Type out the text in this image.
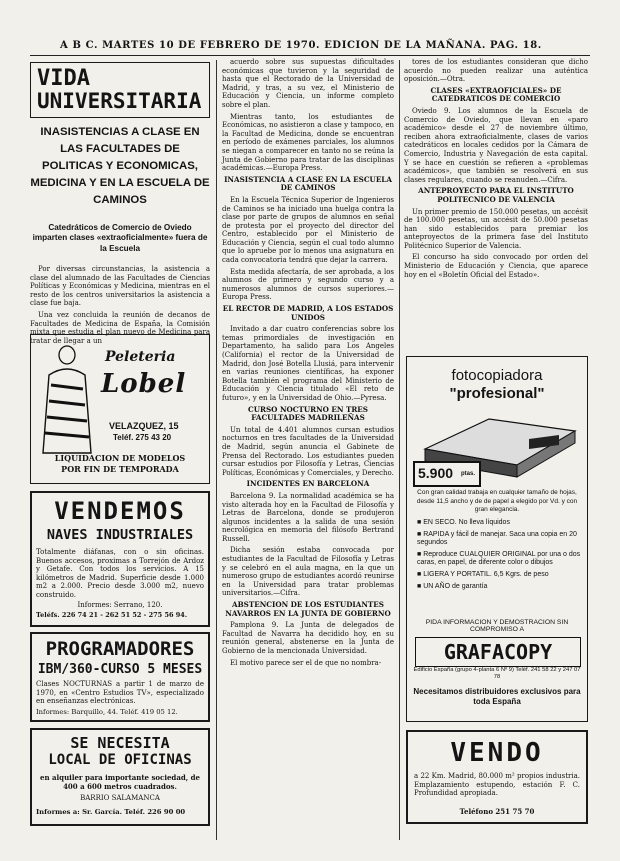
A B C. MARTES 10 DE FEBRERO DE 1970. EDICION DE LA MAÑANA. PAG. 18.
VIDA
UNIVERSITARIA
INASISTENCIAS A CLASE EN LAS FACULTADES DE POLITICAS Y ECONOMICAS, MEDICINA Y EN LA ESCUELA DE CAMINOS
Catedráticos de Comercio de Oviedo imparten clases «extraoficialmente» fuera de la Escuela

Por diversas circunstancias, la asistencia a clase del alumnado de las Facultades de Ciencias Políticas y Económicas y Medicina, mientras en el resto de los centros universitarios la asistencia a clase fue baja.

Una vez concluida la reunión de decanos de Facultades de Medicina de España, la Comisión mixta que estudia el plan nuevo de Medicina para tratar de llegar a un

Peleteria
Lobel
VELAZQUEZ, 15
Teléf. 275 43 20
LIQUIDACION DE MODELOS
POR FIN DE TEMPORADA
VENDEMOS
NAVES INDUSTRIALES
Totalmente diáfanas, con o sin oficinas. Buenos accesos, proximas a Torrejón de Ardoz y Getafe. Con todos los servicios. A 15 kilómetros de Madrid. Superficie desde 1.000 m2 a 2.000. Precio desde 3.000 m2, nuevo construido.
Informes: Serrano, 120.
Teléfs. 226 74 21 - 262 51 52 - 275 56 94.
PROGRAMADORES
IBM/360-CURSO 5 MESES
Clases NOCTURNAS a partir 1 de marzo de 1970, en «Centro Estudios TV», especializado en enseñanzas electrónicas.
Informes: Barquillo, 44. Teléf. 419 05 12.
SE NECESITA
LOCAL DE OFICINAS
en alquiler para importante sociedad, de 400 a 600 metros cuadrados.
BARRIO SALAMANCA
Informes a: Sr. García. Teléf. 226 90 00

acuerdo sobre sus supuestas dificultades económicas que tuvieron y la seguridad de hasta que el Rectorado de la Universidad de Madrid, y tras, a su vez, el Ministerio de Educación y Ciencia, un informe completo sobre el plan.

Mientras tanto, los estudiantes de Económicas, no asistieron a clase y tampoco, en la Facultad de Medicina, donde se encuentran en período de exámenes parciales, los alumnos se niegan a comparecer en tanto no se reúna la Junta de Gobierno para tratar de las disciplinas académicas.—Europa Press.

INASISTENCIA A CLASE EN LA ESCUELA DE CAMINOS

En la Escuela Técnica Superior de Ingenieros de Caminos se ha iniciado una huelga contra la clase por parte de grupos de alumnos en señal de protesta por el proyecto del director del Centro, establecido por el Ministerio de Educación y Ciencia, según el cual todo alumno que lo apruebe por lo menos una asignatura en cada convocatoria tendrá que dejar la carrera.

Esta medida afectaría, de ser aprobada, a los alumnos de primero y segundo curso y a numerosos alumnos de cursos superiores.—Europa Press.

EL RECTOR DE MADRID, A LOS ESTADOS UNIDOS

Invitado a dar cuatro conferencias sobre los temas primordiales de investigación en Departamento, ha salido para Los Angeles (California) el rector de la Universidad de Madrid, don José Botella Llusiá, para intervenir en varias reuniones científicas, ha exponer Botella también el programa del Ministerio de Educación y Ciencia titulado «El reto de futuro», y en la Universidad de Ohio.—Pyresa.

CURSO NOCTURNO EN TRES FACULTADES MADRILEÑAS

Un total de 4.401 alumnos cursan estudios nocturnos en tres facultades de la Universidad de Madrid, según anuncia el Gabinete de Prensa del Rectorado. Los estudiantes pueden cursar estudios por Filosofía y Letras, Ciencias Políticas, Económicas y Comerciales, y Derecho.

INCIDENTES EN BARCELONA

Barcelona 9. La normalidad académica se ha visto alterada hoy en la Facultad de Filosofía y Letras de Barcelona, donde se produjeron algunos incidentes a la salida de una sesión necrológica en memoria del filósofo Bertrand Russell.

Dicha sesión estaba convocada por estudiantes de la Facultad de Filosofía y Letras y se celebró en el aula magna, en la que un numeroso grupo de estudiantes acordó reunirse en la Universidad para tratar problemas universitarios.—Cifra.

ABSTENCION DE LOS ESTUDIANTES NAVARROS EN LA JUNTA DE GOBIERNO

Pamplona 9. La Junta de delegados de Facultad de Navarra ha decidido hoy, en su reunión general, abstenerse en la Junta de Gobierno de la mencionada Universidad.

El motivo parece ser el de que no nombra-

tores de los estudiantes consideran que dicho acuerdo no pueden realizar una auténtica oposición.—Otra.

CLASES «EXTRAOFICIALES» DE CATEDRATICOS DE COMERCIO

Oviedo 9. Los alumnos de la Escuela de Comercio de Oviedo, que llevan en «paro académico» desde el 27 de noviembre último, reciben ahora extraoficialmente, clases de varios catedráticos en locales cedidos por la Cámara de Comercio, Industria y Navegación de esta capital. Y se hace en cuestión se refieren a «problemas académicos», que también se resolverá en sus clases regulares, cuando se reanuden.—Cifra.

ANTEPROYECTO PARA EL INSTITUTO POLITECNICO DE VALENCIA

Un primer premio de 150.000 pesetas, un accésit de 100.000 pesetas, un accésit de 50.000 pesetas han sido establecidos para premiar los anteproyectos de la primera fase del Instituto Politécnico Superior de Valencia.

El concurso ha sido convocado por orden del Ministerio de Educación y Ciencia, que aparece hoy en el «Boletín Oficial del Estado».

fotocopiadora
"profesional"
5.900 ptas.
Con gran calidad trabaja en cualquier tamaño de hojas, desde 11,5 ancho y de de papel a elegido por Vd. y con gran elegancia.
■ EN SECO. No lleva líquidos
■ RAPIDA y fácil de manejar. Saca una copia en 20 segundos
■ Reproduce CUALQUIER ORIGINAL por una o dos caras, en papel, de diferente color o dibujos
■ LIGERA Y PORTATIL. 6,5 Kgrs. de peso
■ UN AÑO de garantía
PIDA INFORMACION Y DEMOSTRACION SIN COMPROMISO A
GRAFACOPY
Edificio España (grupo 4-planta 6 Nº 9) Teléf. 241 58 22 y 247 07 78
Necesitamos distribuidores exclusivos para toda España
VENDO
a 22 Km. Madrid, 80.000 m² propios industria. Emplazamiento estupendo, estación F. C. Profundidad apropiada.
Teléfono 251 75 70
